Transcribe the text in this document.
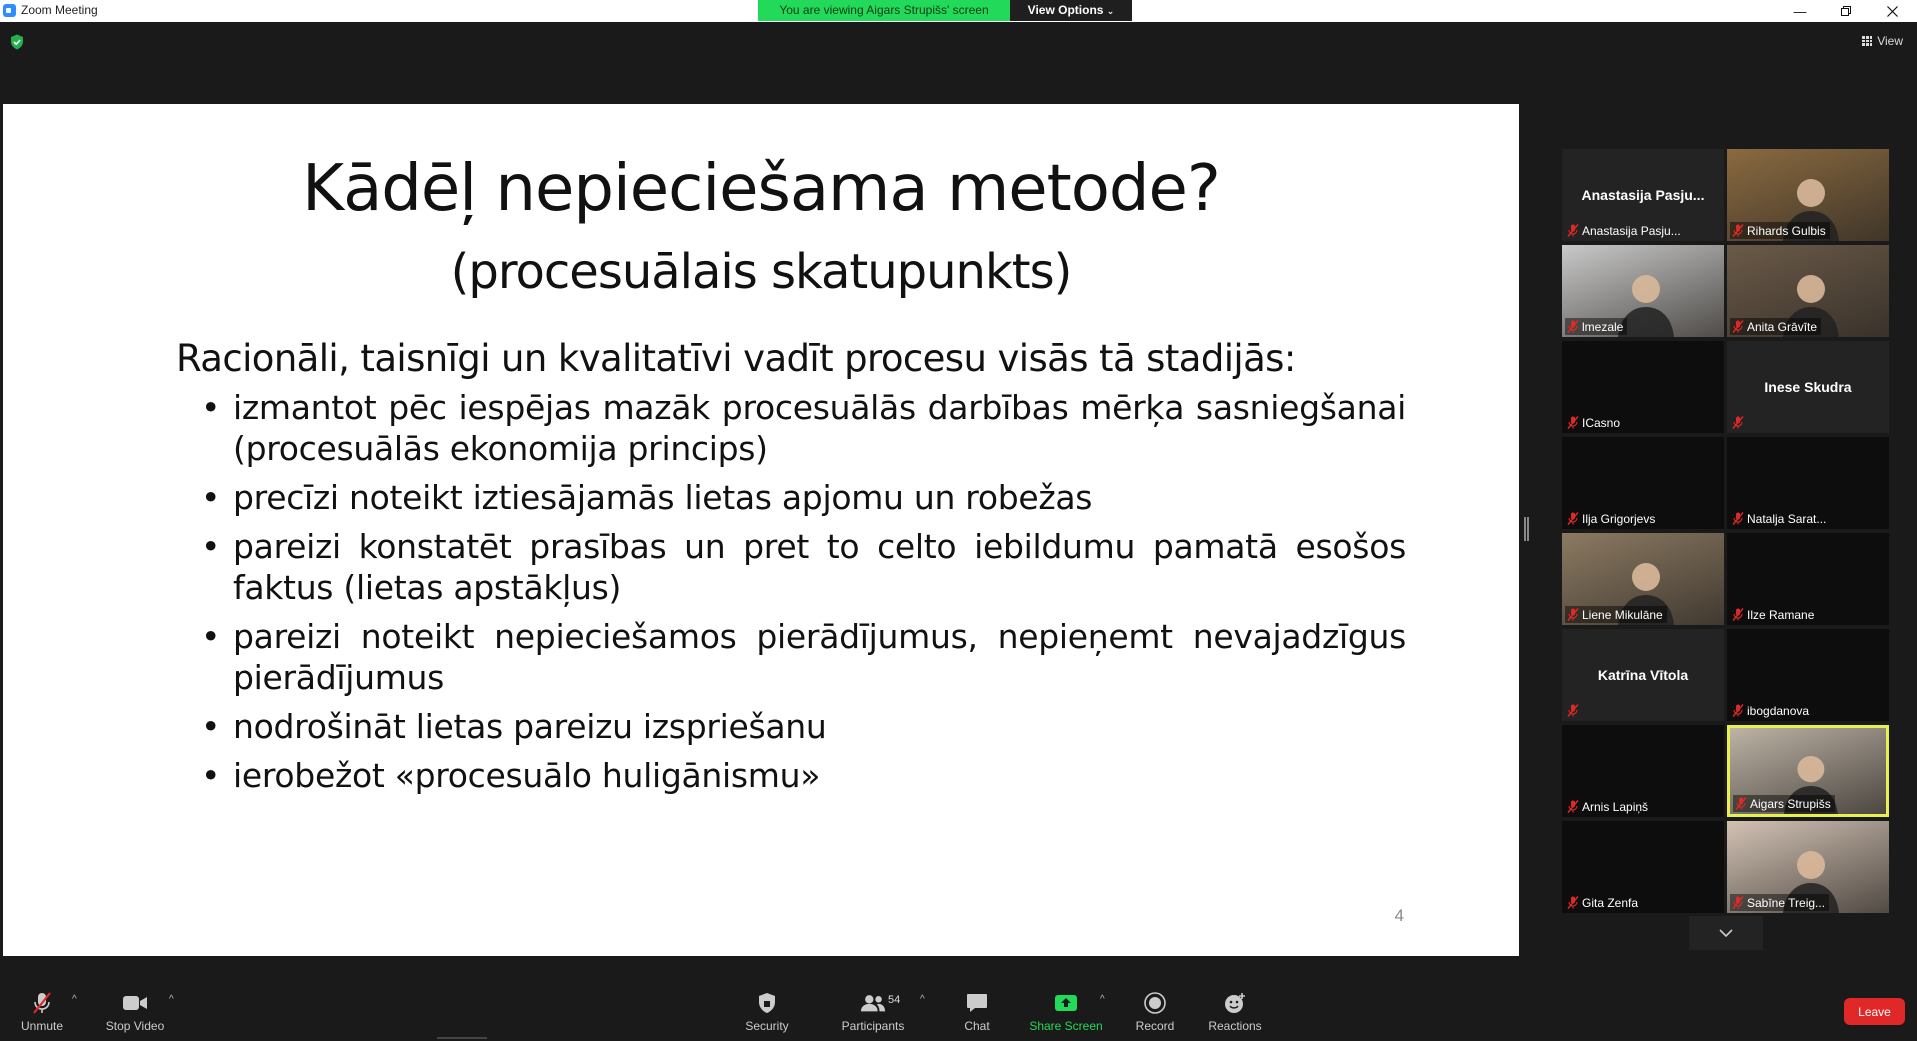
Zoom Meeting	You are viewing Aigars Strupišs' screen	View Options ⌄	—
View
Kādēļ nepieciešama metode?
(procesuālais skatupunkts)
Racionāli, taisnīgi un kvalitatīvi vadīt procesu visās tā stadijās:
• izmantot pēc iespējas mazāk procesuālās darbības mērķa sasniegšanai (procesuālās ekonomija princips)
• precīzi noteikt iztiesājamās lietas apjomu un robežas
• pareizi konstatēt prasības un pret to celto iebildumu pamatā esošos faktus (lietas apstākļus)
• pareizi noteikt nepieciešamos pierādījumus, nepieņemt nevajadzīgus pierādījumus
• nodrošināt lietas pareizu izspriešanu
• ierobežot «procesuālo huligānismu»
4
Anastasija Pasju...
Anastasija Pasju...	Rihards Gulbis
lmezale	Anita Grāvīte
ICasno
Inese Skudra
Ilja Grigorjevs	Natalja Sarat...
Liene Mikulāne	Ilze Ramane
Katrīna Vītola
ibogdanova
Arnis Lapiņš	Aigars Strupišs
Gita Zenfa	Sabīne Treig...
Unmute
^
Stop Video
^
Security	Participants
54 ^
Chat	Share Screen
^
Record	Reactions
Leave
